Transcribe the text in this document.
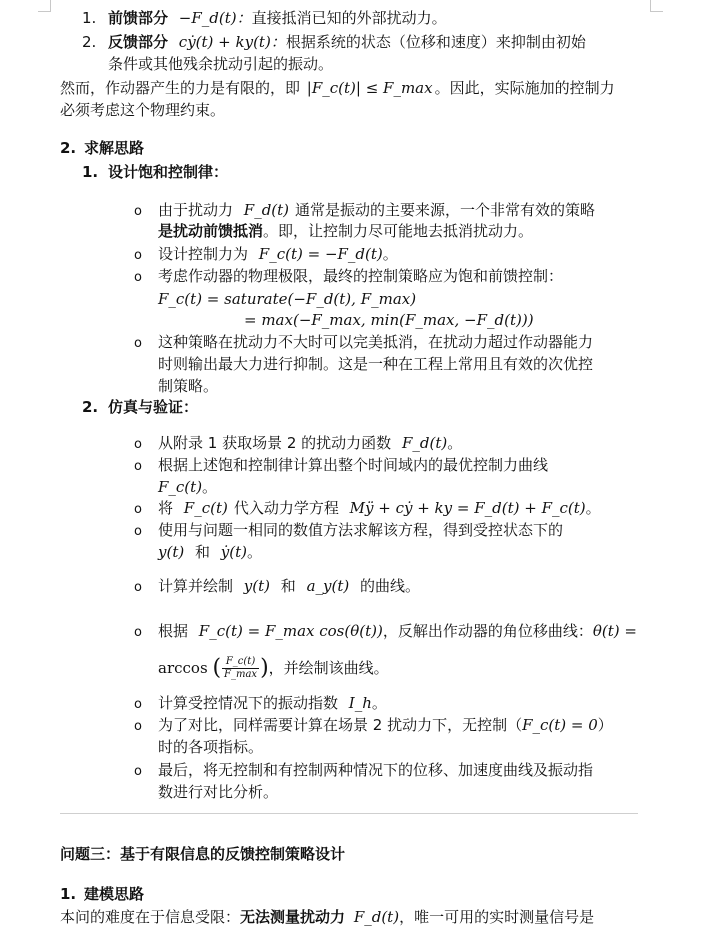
1. 前馈部分 −F_d(t)：直接抵消已知的外部扰动力。
2. 反馈部分 cẏ(t) + ky(t)：根据系统的状态（位移和速度）来抑制由初始
条件或其他残余扰动引起的振动。
然而，作动器产生的力是有限的，即 |F_c(t)| ≤ F_max 。因此，实际施加的控制力
必须考虑这个物理约束。
2. 求解思路
1. 设计饱和控制律：
o 由于扰动力 F_d(t) 通常是振动的主要来源，一个非常有效的策略
是扰动前馈抵消。即，让控制力尽可能地去抵消扰动力。
o 设计控制力为 F_c(t) = −F_d(t)。
o 考虑作动器的物理极限，最终的控制策略应为饱和前馈控制：
F_c(t) = saturate(−F_d(t), F_max)
= max(−F_max, min(F_max, −F_d(t)))
o 这种策略在扰动力不大时可以完美抵消，在扰动力超过作动器能力
时则输出最大力进行抑制。这是一种在工程上常用且有效的次优控
制策略。
2. 仿真与验证：
o 从附录 1 获取场景 2 的扰动力函数 F_d(t)。
o 根据上述饱和控制律计算出整个时间域内的最优控制力曲线
F_c(t)。
o 将 F_c(t) 代入动力学方程 Mÿ + cẏ + ky = F_d(t) + F_c(t)。
o 使用与问题一相同的数值方法求解该方程，得到受控状态下的
y(t) 和 ẏ(t)。
o 计算并绘制 y(t) 和 a_y(t) 的曲线。
o 根据 F_c(t) = F_max cos(θ(t))，反解出作动器的角位移曲线：θ(t) =
arccos ( $\frac{F\_c(t)}{F\_\max}$ )，并绘制该曲线。
o 计算受控情况下的振动指数 I_h。
o 为了对比，同样需要计算在场景 2 扰动力下，无控制（F_c(t) = 0）
时的各项指标。
o 最后，将无控制和有控制两种情况下的位移、加速度曲线及振动指
数进行对比分析。
问题三：基于有限信息的反馈控制策略设计
1. 建模思路
本问的难度在于信息受限：无法测量扰动力 F_d(t)，唯一可用的实时测量信号是
